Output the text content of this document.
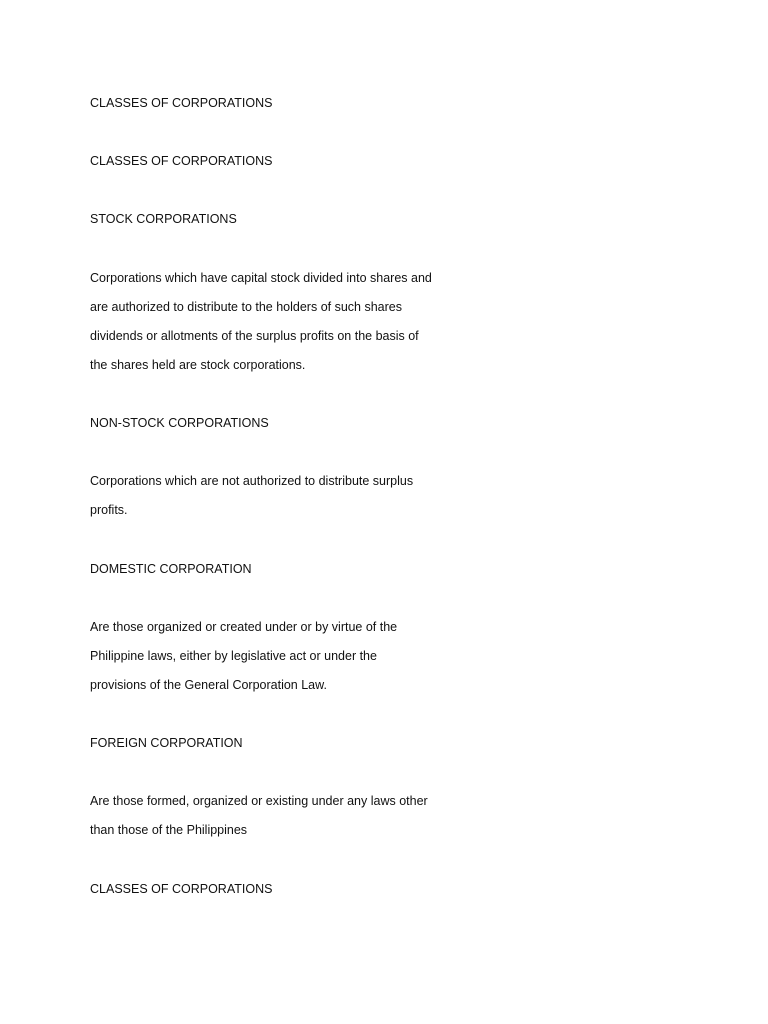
CLASSES OF CORPORATIONS
CLASSES OF CORPORATIONS
STOCK CORPORATIONS
Corporations which have capital stock divided into shares and
are authorized to distribute to the holders of such shares
dividends or allotments of the surplus profits on the basis of
the shares held are stock corporations.
NON-STOCK CORPORATIONS
Corporations which are not authorized to distribute surplus
profits.
DOMESTIC CORPORATION
Are those organized or created under or by virtue of the
Philippine laws, either by legislative act or under the
provisions of the General Corporation Law.
FOREIGN CORPORATION
Are those formed, organized or existing under any laws other
than those of the Philippines
CLASSES OF CORPORATIONS
